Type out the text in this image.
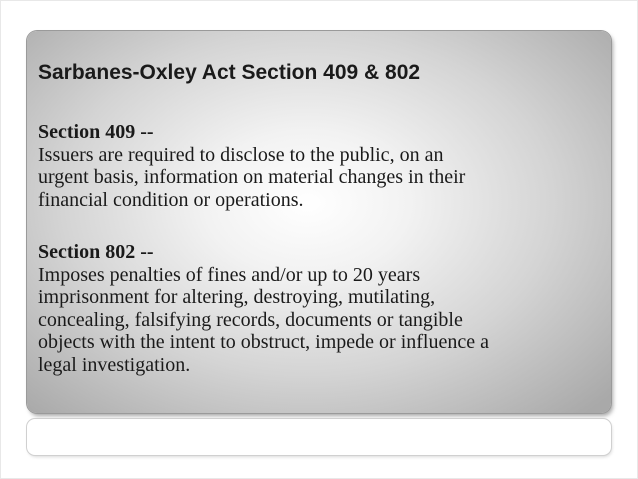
Sarbanes-Oxley Act Section 409 & 802

Section 409 --
Issuers are required to disclose to the public, on an
urgent basis, information on material changes in their
financial condition or operations.

Section 802 --
Imposes penalties of fines and/or up to 20 years
imprisonment for altering, destroying, mutilating,
concealing, falsifying records, documents or tangible
objects with the intent to obstruct, impede or influence a
legal investigation.
